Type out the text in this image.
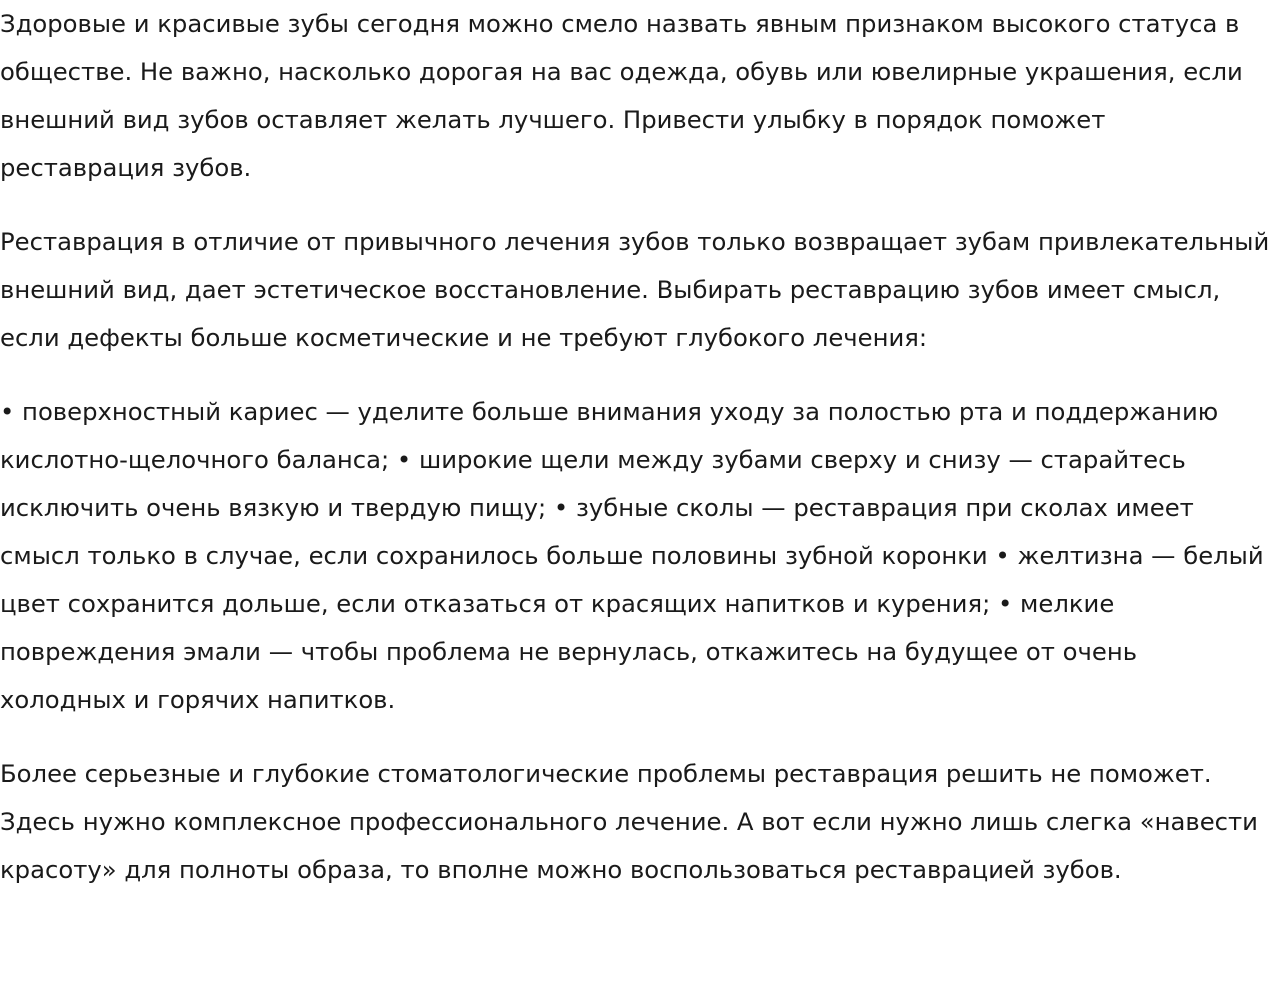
Здоровые и красивые зубы сегодня можно смело назвать явным признаком высокого статуса в обществе. Не важно, насколько дорогая на вас одежда, обувь или ювелирные украшения, если внешний вид зубов оставляет желать лучшего. Привести улыбку в порядок поможет реставрация зубов.

Реставрация в отличие от привычного лечения зубов только возвращает зубам привлекательный внешний вид, дает эстетическое восстановление. Выбирать реставрацию зубов имеет смысл, если дефекты больше косметические и не требуют глубокого лечения:

• поверхностный кариес — уделите больше внимания уходу за полостью рта и поддержанию кислотно-щелочного баланса; • широкие щели между зубами сверху и снизу — старайтесь исключить очень вязкую и твердую пищу; • зубные сколы — реставрация при сколах имеет смысл только в случае, если сохранилось больше половины зубной коронки • желтизна — белый цвет сохранится дольше, если отказаться от красящих напитков и курения; • мелкие повреждения эмали — чтобы проблема не вернулась, откажитесь на будущее от очень холодных и горячих напитков.

Более серьезные и глубокие стоматологические проблемы реставрация решить не поможет. Здесь нужно комплексное профессионального лечение. А вот если нужно лишь слегка «навести красоту» для полноты образа, то вполне можно воспользоваться реставрацией зубов.
